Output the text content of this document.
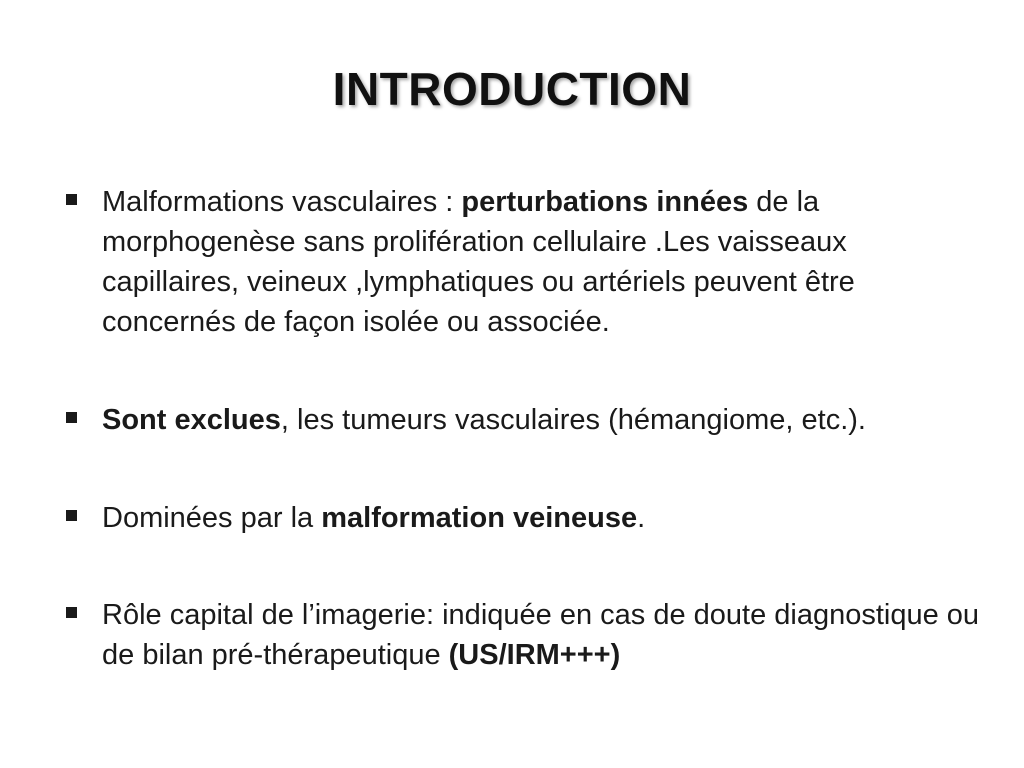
INTRODUCTION
Malformations vasculaires : perturbations innées de la morphogenèse sans prolifération cellulaire .Les vaisseaux capillaires, veineux ,lymphatiques ou artériels peuvent être concernés de façon isolée ou associée.
Sont exclues, les tumeurs vasculaires (hémangiome, etc.).
Dominées par la malformation veineuse.
Rôle capital de l’imagerie: indiquée en cas de doute diagnostique ou de bilan pré-thérapeutique (US/IRM+++)
